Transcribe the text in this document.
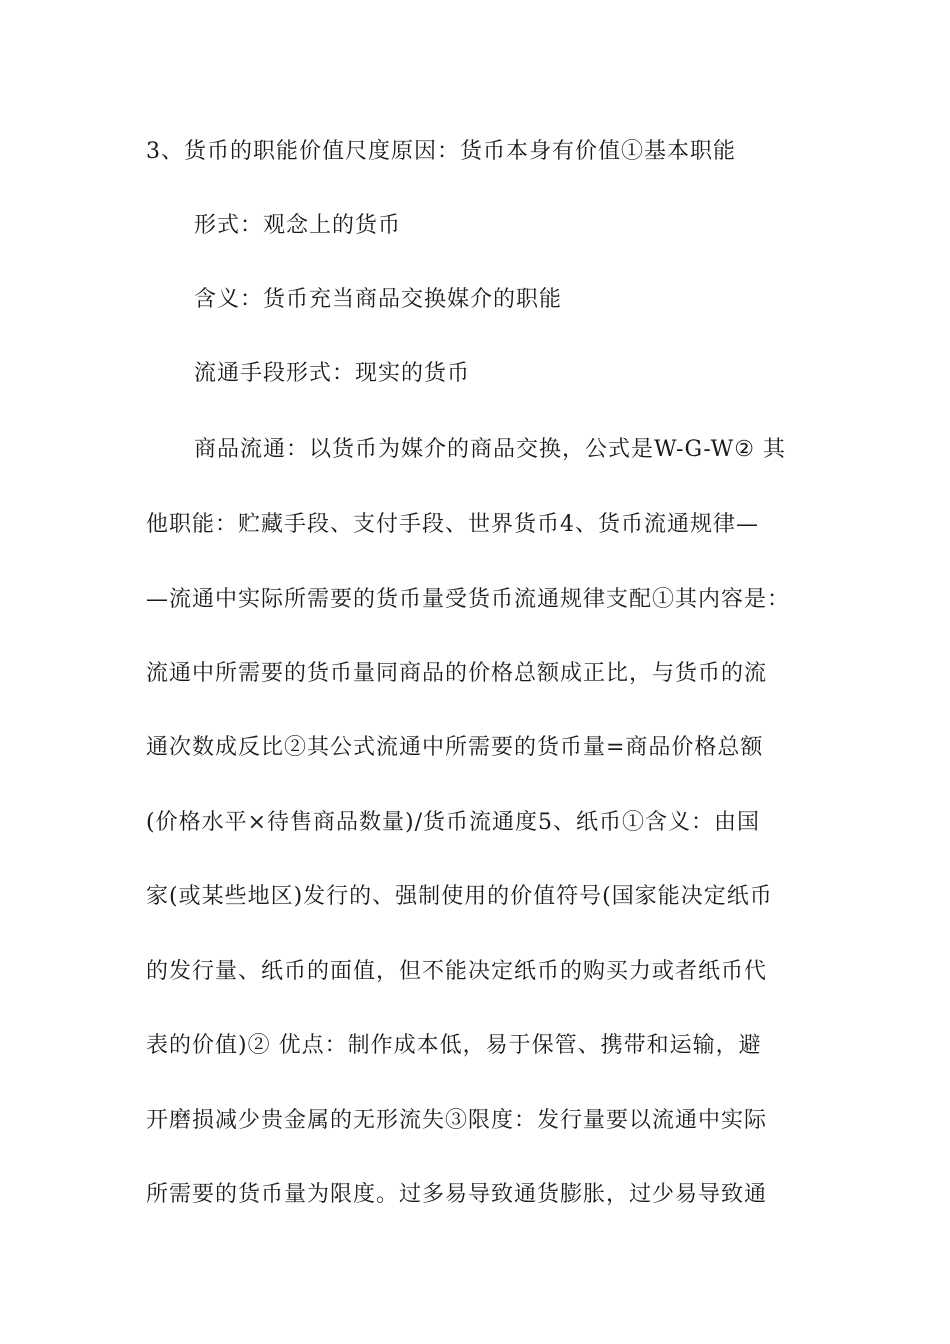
3、货币的职能价值尺度原因：货币本身有价值①基本职能
形式：观念上的货币
含义：货币充当商品交换媒介的职能
流通手段形式：现实的货币
商品流通：以货币为媒介的商品交换，公式是W-G-W② 其
他职能：贮藏手段、支付手段、世界货币4、货币流通规律—
—流通中实际所需要的货币量受货币流通规律支配①其内容是：
流通中所需要的货币量同商品的价格总额成正比，与货币的流
通次数成反比②其公式流通中所需要的货币量=商品价格总额
(价格水平×待售商品数量)/货币流通度5、纸币①含义：由国
家(或某些地区)发行的、强制使用的价值符号(国家能决定纸币
的发行量、纸币的面值，但不能决定纸币的购买力或者纸币代
表的价值)② 优点：制作成本低，易于保管、携带和运输，避
开磨损减少贵金属的无形流失③限度：发行量要以流通中实际
所需要的货币量为限度。过多易导致通货膨胀，过少易导致通
